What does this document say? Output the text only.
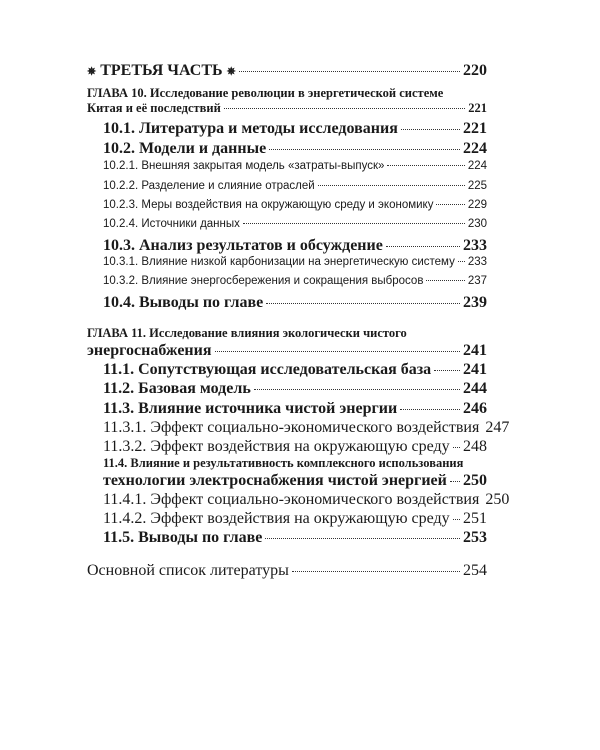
✵
ТРЕТЬЯ ЧАСТЬ
✵	220
ГЛАВА 10. Исследование революции в энергетической системе
Китая и её последствий	221
10.1. Литература и методы исследования	221
10.2. Модели и данные	224
10.2.1. Внешняя закрытая модель «затраты-выпуск»	224
10.2.2. Разделение и слияние отраслей	225
10.2.3. Меры воздействия на окружающую среду и экономику	229
10.2.4. Источники данных	230
10.3. Анализ результатов и обсуждение	233
10.3.1. Влияние низкой карбонизации на энергетическую систему 233
10.3.2. Влияние энергосбережения и сокращения выбросов	237
10.4. Выводы по главе	239
ГЛАВА 11. Исследование влияния экологически чистого
энергоснабжения	241
11.1. Сопутствующая исследовательская база 241
11.2. Базовая модель	244
11.3. Влияние источника чистой энергии	246
11.3.1. Эффект социально-экономического воздействия 247
11.3.2. Эффект воздействия на окружающую среду 248
11.4. Влияние и результативность комплексного использования
технологии электроснабжения чистой энергией 250
11.4.1. Эффект социально-экономического воздействия 250
11.4.2. Эффект воздействия на окружающую среду 251
11.5. Выводы по главе	253
Основной список литературы	254
